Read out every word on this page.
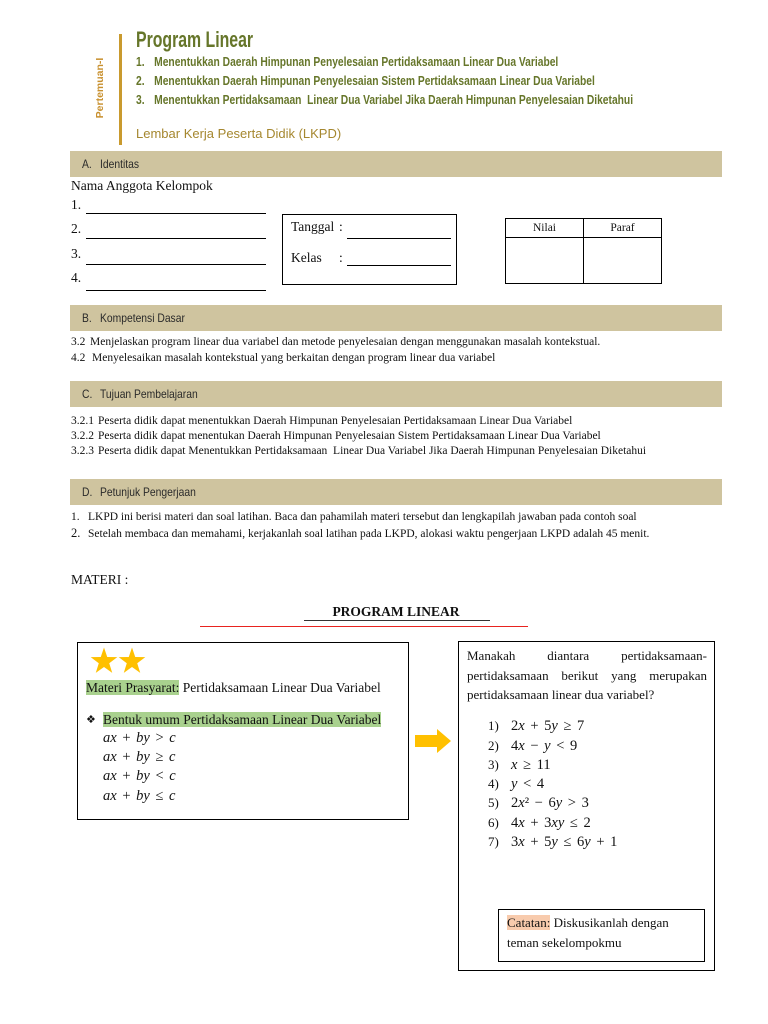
Pertemuan-I
Program Linear
1. Menentukkan Daerah Himpunan Penyelesaian Pertidaksamaan Linear Dua Variabel
2. Menentukkan Daerah Himpunan Penyelesaian Sistem Pertidaksamaan Linear Dua Variabel
3. Menentukkan Pertidaksamaan  Linear Dua Variabel Jika Daerah Himpunan Penyelesaian Diketahui
Lembar Kerja Peserta Didik (LKPD)
A. Identitas
Nama Anggota Kelompok
1.
2.
3.
4.
Tanggal :
Kelas :
Nilai	Paraf
B. Kompetensi Dasar
3.2 Menjelaskan program linear dua variabel dan metode penyelesaian dengan menggunakan masalah kontekstual.
4.2 Menyelesaikan masalah kontekstual yang berkaitan dengan program linear dua variabel
C. Tujuan Pembelajaran
3.2.1 Peserta didik dapat menentukkan Daerah Himpunan Penyelesaian Pertidaksamaan Linear Dua Variabel
3.2.2 Peserta didik dapat menentukan Daerah Himpunan Penyelesaian Sistem Pertidaksamaan Linear Dua Variabel
3.2.3 Peserta didik dapat Menentukkan Pertidaksamaan  Linear Dua Variabel Jika Daerah Himpunan Penyelesaian Diketahui
D. Petunjuk Pengerjaan
1. LKPD ini berisi materi dan soal latihan. Baca dan pahamilah materi tersebut dan lengkapilah jawaban pada contoh soal
2. Setelah membaca dan memahami, kerjakanlah soal latihan pada LKPD, alokasi waktu pengerjaan LKPD adalah 45 menit.
MATERI :
PROGRAM LINEAR
Materi Prasyarat: Pertidaksamaan Linear Dua Variabel
❖ Bentuk umum Pertidaksamaan Linear Dua Variabel
ax + by > c
ax + by ≥ c
ax + by < c
ax + by ≤ c
Manakah diantara pertidaksamaan-
pertidaksamaan berikut yang merupakan
pertidaksamaan linear dua variabel?
1) 2x + 5y ≥ 7
2) 4x − y < 9
3) x ≥ 11
4) y < 4
5) 2x² − 6y > 3
6) 4x + 3xy ≤ 2
7) 3x + 5y ≤ 6y + 1
Catatan: Diskusikanlah dengan teman sekelompokmu
